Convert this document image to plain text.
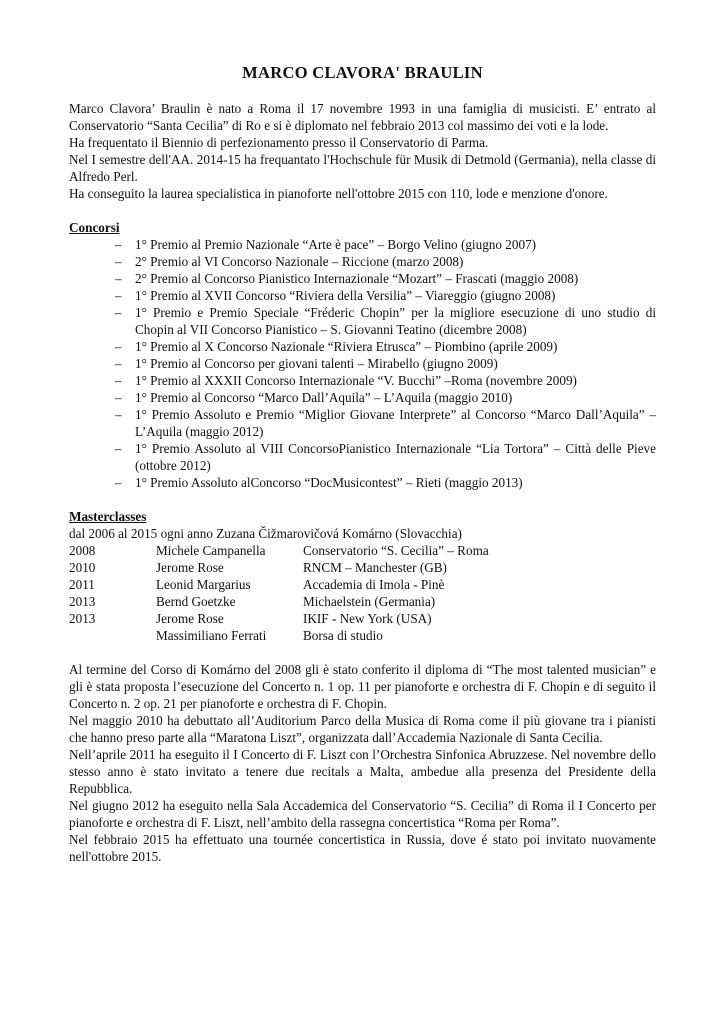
MARCO CLAVORA' BRAULIN

Marco Clavora’ Braulin è nato a Roma il 17 novembre 1993 in una famiglia di musicisti. E’ entrato al Conservatorio “Santa Cecilia” di Ro e si è diplomato nel febbraio 2013 col massimo dei voti e la lode.

Ha frequentato il Biennio di perfezionamento presso il Conservatorio di Parma.

Nel I semestre dell'AA. 2014-15 ha frequantato l'Hochschule für Musik di Detmold (Germania), nella classe di Alfredo Perl.

Ha conseguito la laurea specialistica in pianoforte nell'ottobre 2015 con 110, lode e menzione d'onore.

Concorsi

– 1° Premio al Premio Nazionale “Arte è pace” – Borgo Velino (giugno 2007)
– 2° Premio al VI Concorso Nazionale – Riccione (marzo 2008)
– 2° Premio al Concorso Pianistico Internazionale “Mozart” – Frascati (maggio 2008)
– 1° Premio al XVII Concorso “Riviera della Versilia” – Viareggio (giugno 2008)
– 1° Premio e Premio Speciale “Fréderic Chopin” per la migliore esecuzione di uno studio di Chopin al VII Concorso Pianistico – S. Giovanni Teatino (dicembre 2008)
– 1° Premio al X Concorso Nazionale “Riviera Etrusca” – Piombino (aprile 2009)
– 1° Premio al Concorso per giovani talenti – Mirabello (giugno 2009)
– 1° Premio al XXXII Concorso Internazionale “V. Bucchi” –Roma (novembre 2009)
– 1° Premio al Concorso “Marco Dall’Aquila” – L’Aquila (maggio 2010)
– 1° Premio Assoluto e Premio “Miglior Giovane Interprete” al Concorso “Marco Dall’Aquila” – L’Aquila (maggio 2012)
– 1° Premio Assoluto al VIII ConcorsoPianistico Internazionale “Lia Tortora” – Città delle Pieve (ottobre 2012)
– 1° Premio Assoluto alConcorso “DocMusicontest” – Rieti (maggio 2013)

Masterclasses

dal 2006 al 2015 ogni anno Zuzana Čižmarovičová Komárno (Slovacchia)

2008	Michele Campanella	Conservatorio “S. Cecilia” – Roma
2010	Jerome Rose	RNCM – Manchester (GB)
2011	Leonid Margarius	Accademia di Imola - Pinè
2013	Bernd Goetzke	Michaelstein (Germania)
2013	Jerome Rose	IKIF - New York (USA)
	Massimiliano Ferrati	Borsa di studio

Al termine del Corso di Komárno del 2008 gli è stato conferito il diploma di “The most talented musician” e gli è stata proposta l’esecuzione del Concerto n. 1 op. 11 per pianoforte e orchestra di F. Chopin e di seguito il Concerto n. 2 op. 21 per pianoforte e orchestra di F. Chopin.

Nel maggio 2010 ha debuttato all’Auditorium Parco della Musica di Roma come il più giovane tra i pianisti che hanno preso parte alla “Maratona Liszt”, organizzata dall’Accademia Nazionale di Santa Cecilia.

Nell’aprile 2011 ha eseguito il I Concerto di F. Liszt con l’Orchestra Sinfonica Abruzzese. Nel novembre dello stesso anno è stato invitato a tenere due recitals a Malta, ambedue alla presenza del Presidente della Repubblica.

Nel giugno 2012 ha eseguito nella Sala Accademica del Conservatorio “S. Cecilia” di Roma il I Concerto per pianoforte e orchestra di F. Liszt, nell’ambito della rassegna concertistica “Roma per Roma”.

Nel febbraio 2015 ha effettuato una tournée concertistica in Russia, dove é stato poi invitato nuovamente nell'ottobre 2015.
